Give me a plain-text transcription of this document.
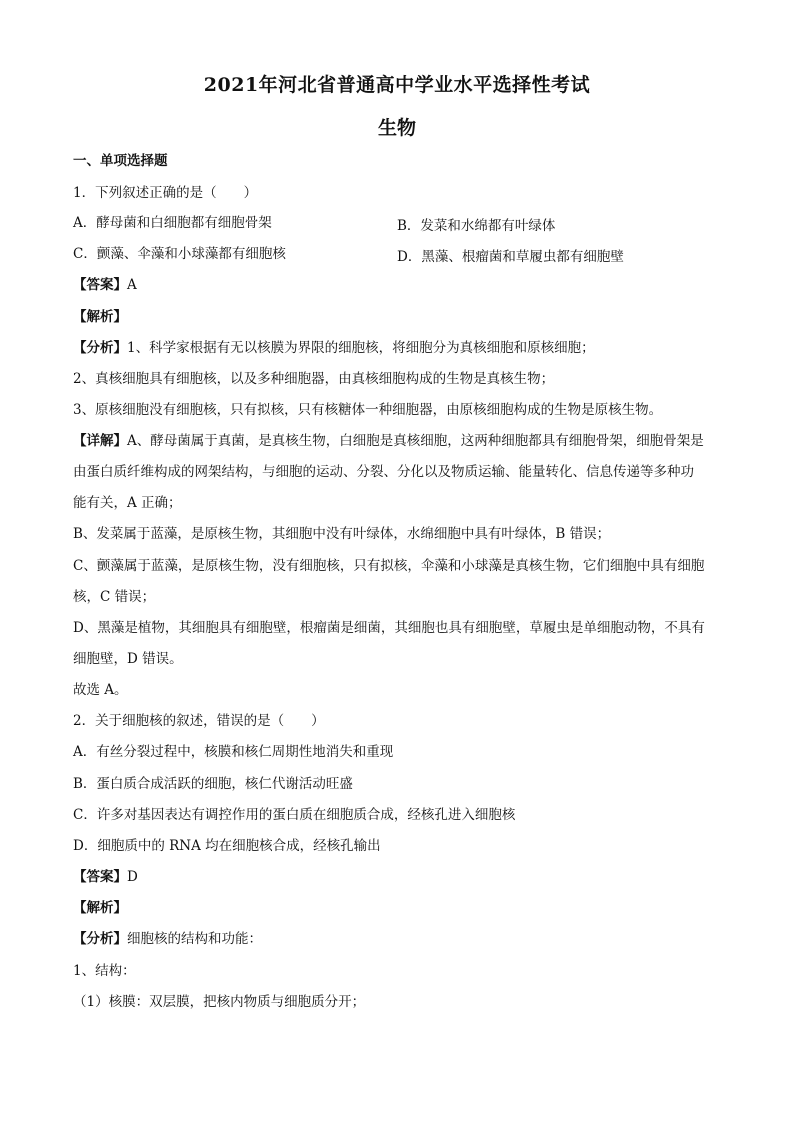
2021年河北省普通高中学业水平选择性考试
生物
一、单项选择题
1．下列叙述正确的是（　　）
A．酵母菌和白细胞都有细胞骨架	B．发菜和水绵都有叶绿体
C．颤藻、伞藻和小球藻都有细胞核	D．黑藻、根瘤菌和草履虫都有细胞壁
【答案】A
【解析】
【分析】1、科学家根据有无以核膜为界限的细胞核，将细胞分为真核细胞和原核细胞；
2、真核细胞具有细胞核，以及多种细胞器，由真核细胞构成的生物是真核生物；
3、原核细胞没有细胞核，只有拟核，只有核糖体一种细胞器，由原核细胞构成的生物是原核生物。
【详解】A、酵母菌属于真菌，是真核生物，白细胞是真核细胞，这两种细胞都具有细胞骨架，细胞骨架是
由蛋白质纤维构成的网架结构，与细胞的运动、分裂、分化以及物质运输、能量转化、信息传递等多种功
能有关，A 正确；
B、发菜属于蓝藻，是原核生物，其细胞中没有叶绿体，水绵细胞中具有叶绿体，B 错误；
C、颤藻属于蓝藻，是原核生物，没有细胞核，只有拟核，伞藻和小球藻是真核生物，它们细胞中具有细胞
核，C 错误；
D、黑藻是植物，其细胞具有细胞壁，根瘤菌是细菌，其细胞也具有细胞壁，草履虫是单细胞动物，不具有
细胞壁，D 错误。
故选 A。
2．关于细胞核的叙述，错误的是（　　）
A．有丝分裂过程中，核膜和核仁周期性地消失和重现
B．蛋白质合成活跃的细胞，核仁代谢活动旺盛
C．许多对基因表达有调控作用的蛋白质在细胞质合成，经核孔进入细胞核
D．细胞质中的 RNA 均在细胞核合成，经核孔输出
【答案】D
【解析】
【分析】细胞核的结构和功能：
1、结构：
（1）核膜：双层膜，把核内物质与细胞质分开；
